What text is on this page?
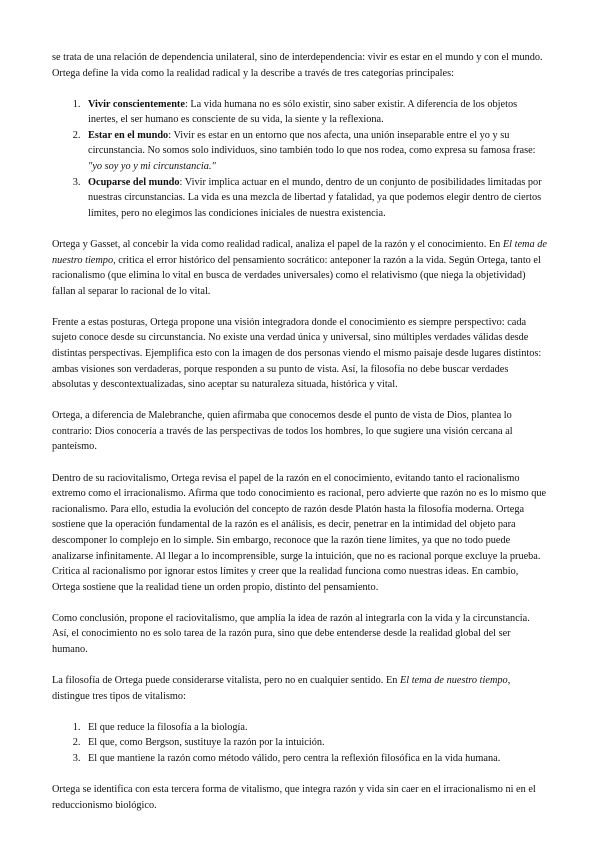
se trata de una relación de dependencia unilateral, sino de interdependencia: vivir es estar en el mundo y con el mundo. Ortega define la vida como la realidad radical y la describe a través de tres categorías principales:

1. Vivir conscientemente: La vida humana no es sólo existir, sino saber existir. A diferencia de los objetos inertes, el ser humano es consciente de su vida, la siente y la reflexiona.
2. Estar en el mundo: Vivir es estar en un entorno que nos afecta, una unión inseparable entre el yo y su circunstancia. No somos solo individuos, sino también todo lo que nos rodea, como expresa su famosa frase: "yo soy yo y mi circunstancia."
3. Ocuparse del mundo: Vivir implica actuar en el mundo, dentro de un conjunto de posibilidades limitadas por nuestras circunstancias. La vida es una mezcla de libertad y fatalidad, ya que podemos elegir dentro de ciertos límites, pero no elegimos las condiciones iniciales de nuestra existencia.

Ortega y Gasset, al concebir la vida como realidad radical, analiza el papel de la razón y el conocimiento. En El tema de nuestro tiempo, critica el error histórico del pensamiento socrático: anteponer la razón a la vida. Según Ortega, tanto el racionalismo (que elimina lo vital en busca de verdades universales) como el relativismo (que niega la objetividad) fallan al separar lo racional de lo vital.

Frente a estas posturas, Ortega propone una visión integradora donde el conocimiento es siempre perspectivo: cada sujeto conoce desde su circunstancia. No existe una verdad única y universal, sino múltiples verdades válidas desde distintas perspectivas. Ejemplifica esto con la imagen de dos personas viendo el mismo paisaje desde lugares distintos: ambas visiones son verdaderas, porque responden a su punto de vista. Así, la filosofía no debe buscar verdades absolutas y descontextualizadas, sino aceptar su naturaleza situada, histórica y vital.

Ortega, a diferencia de Malebranche, quien afirmaba que conocemos desde el punto de vista de Dios, plantea lo contrario: Dios conocería a través de las perspectivas de todos los hombres, lo que sugiere una visión cercana al panteísmo.

Dentro de su raciovitalismo, Ortega revisa el papel de la razón en el conocimiento, evitando tanto el racionalismo extremo como el irracionalismo. Afirma que todo conocimiento es racional, pero advierte que razón no es lo mismo que racionalismo. Para ello, estudia la evolución del concepto de razón desde Platón hasta la filosofía moderna. Ortega sostiene que la operación fundamental de la razón es el análisis, es decir, penetrar en la intimidad del objeto para descomponer lo complejo en lo simple. Sin embargo, reconoce que la razón tiene límites, ya que no todo puede analizarse infinitamente. Al llegar a lo incomprensible, surge la intuición, que no es racional porque excluye la prueba. Critica al racionalismo por ignorar estos límites y creer que la realidad funciona como nuestras ideas. En cambio, Ortega sostiene que la realidad tiene un orden propio, distinto del pensamiento.

Como conclusión, propone el raciovitalismo, que amplía la idea de razón al integrarla con la vida y la circunstancia. Así, el conocimiento no es solo tarea de la razón pura, sino que debe entenderse desde la realidad global del ser humano.

La filosofía de Ortega puede considerarse vitalista, pero no en cualquier sentido. En El tema de nuestro tiempo, distingue tres tipos de vitalismo:

1. El que reduce la filosofía a la biología.
2. El que, como Bergson, sustituye la razón por la intuición.
3. El que mantiene la razón como método válido, pero centra la reflexión filosófica en la vida humana.

Ortega se identifica con esta tercera forma de vitalismo, que integra razón y vida sin caer en el irracionalismo ni en el reduccionismo biológico.
